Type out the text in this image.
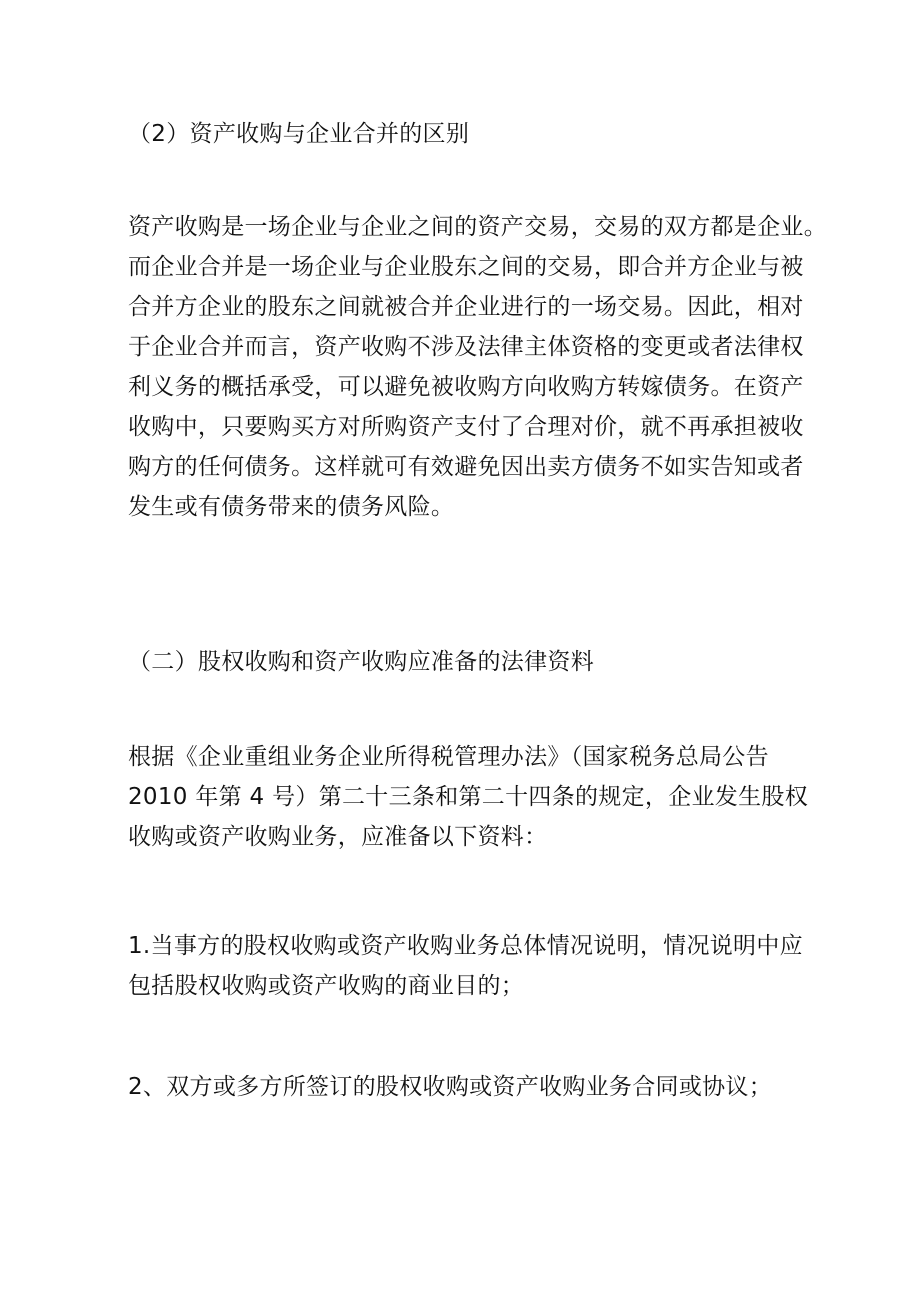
（2）资产收购与企业合并的区别

资产收购是一场企业与企业之间的资产交易，交易的双方都是企业。
而企业合并是一场企业与企业股东之间的交易，即合并方企业与被
合并方企业的股东之间就被合并企业进行的一场交易。因此，相对
于企业合并而言，资产收购不涉及法律主体资格的变更或者法律权
利义务的概括承受，可以避免被收购方向收购方转嫁债务。在资产
收购中，只要购买方对所购资产支付了合理对价，就不再承担被收
购方的任何债务。这样就可有效避免因出卖方债务不如实告知或者
发生或有债务带来的债务风险。

（二）股权收购和资产收购应准备的法律资料

根据《企业重组业务企业所得税管理办法》（国家税务总局公告
2010 年第 4 号）第二十三条和第二十四条的规定，企业发生股权
收购或资产收购业务，应准备以下资料：

1.当事方的股权收购或资产收购业务总体情况说明，情况说明中应
包括股权收购或资产收购的商业目的；

2、双方或多方所签订的股权收购或资产收购业务合同或协议；
